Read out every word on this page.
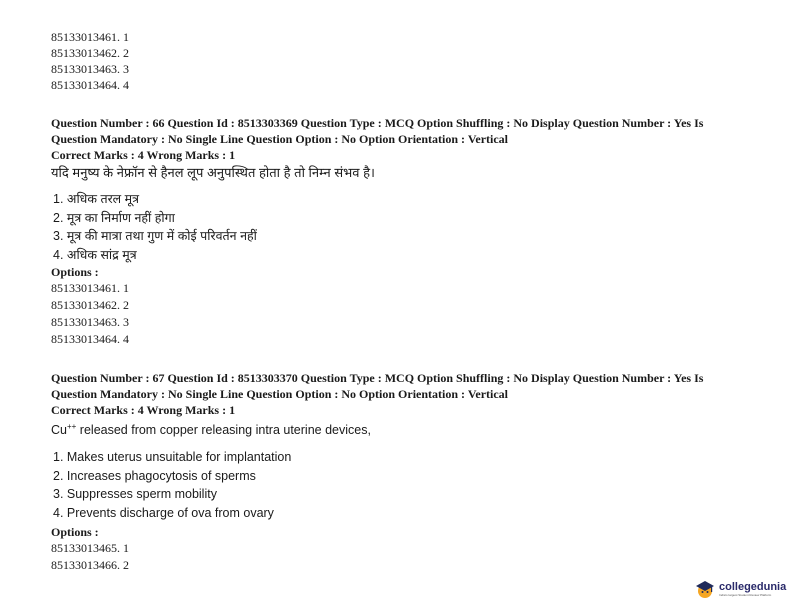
85133013461. 1
85133013462. 2
85133013463. 3
85133013464. 4
Question Number : 66 Question Id : 8513303369 Question Type : MCQ Option Shuffling : No Display Question Number : Yes Is
Question Mandatory : No Single Line Question Option : No Option Orientation : Vertical
Correct Marks : 4 Wrong Marks : 1
यदि मनुष्य के नेफ्रॉन से हैनल लूप अनुपस्थित होता है तो निम्न संभव है।
1. अधिक तरल मूत्र
2. मूत्र का निर्माण नहीं होगा
3. मूत्र की मात्रा तथा गुण में कोई परिवर्तन नहीं
4. अधिक सांद्र मूत्र
Options :
85133013461. 1
85133013462. 2
85133013463. 3
85133013464. 4
Question Number : 67 Question Id : 8513303370 Question Type : MCQ Option Shuffling : No Display Question Number : Yes Is
Question Mandatory : No Single Line Question Option : No Option Orientation : Vertical
Correct Marks : 4 Wrong Marks : 1
Cu++ released from copper releasing intra uterine devices,
1. Makes uterus unsuitable for implantation
2. Increases phagocytosis of sperms
3. Suppresses sperm mobility
4. Prevents discharge of ova from ovary
Options :
85133013465. 1
85133013466. 2
collegedunia
India's largest Student Review Platform
